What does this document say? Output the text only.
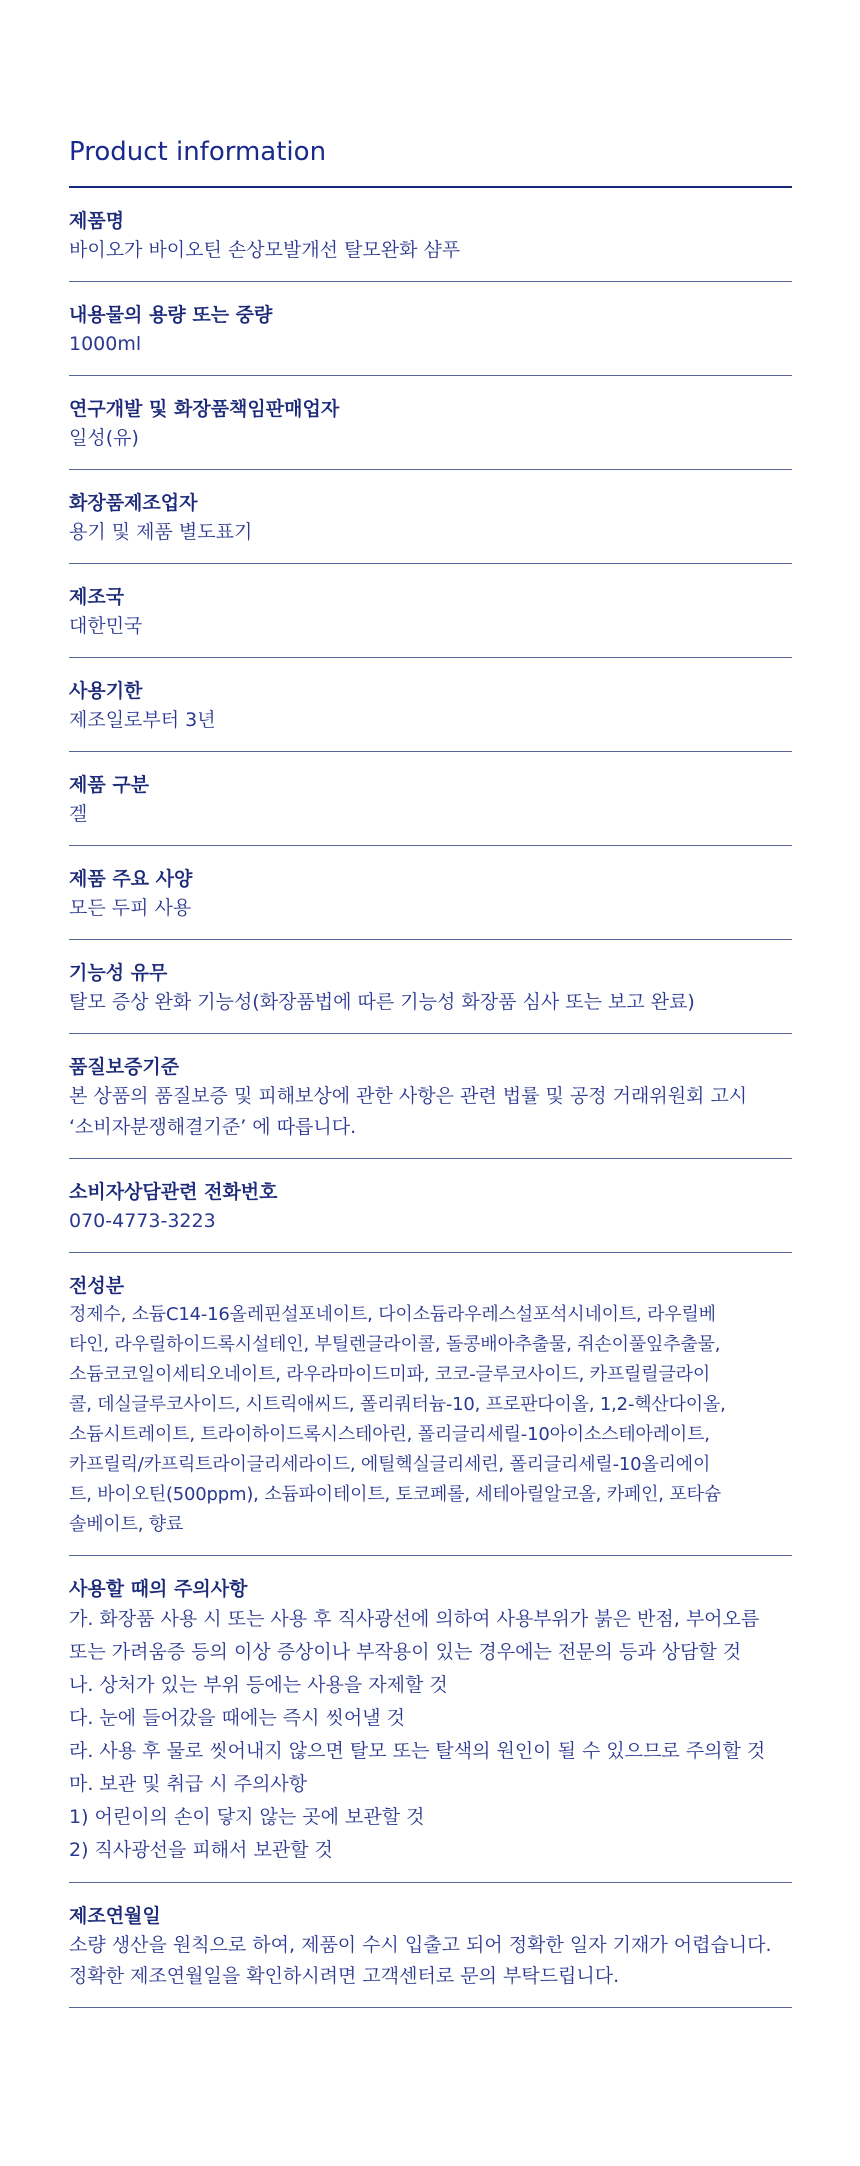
Product information
제품명
바이오가 바이오틴 손상모발개선 탈모완화 샴푸
내용물의 용량 또는 중량
1000ml
연구개발 및 화장품책임판매업자
일성(유)
화장품제조업자
용기 및 제품 별도표기
제조국
대한민국
사용기한
제조일로부터 3년
제품 구분
겔
제품 주요 사양
모든 두피 사용
기능성 유무
탈모 증상 완화 기능성(화장품법에 따른 기능성 화장품 심사 또는 보고 완료)
품질보증기준
본 상품의 품질보증 및 피해보상에 관한 사항은 관련 법률 및 공정 거래위원회 고시
‘소비자분쟁해결기준’ 에 따릅니다.
소비자상담관련 전화번호
070-4773-3223
전성분
정제수, 소듐C14-16올레핀설포네이트, 다이소듐라우레스설포석시네이트, 라우릴베
타인, 라우릴하이드록시설테인, 부틸렌글라이콜, 돌콩배아추출물, 쥐손이풀잎추출물,
소듐코코일이세티오네이트, 라우라마이드미파, 코코-글루코사이드, 카프릴릴글라이
콜, 데실글루코사이드, 시트릭애씨드, 폴리쿼터늄-10, 프로판다이올, 1,2-헥산다이올,
소듐시트레이트, 트라이하이드록시스테아린, 폴리글리세릴-10아이소스테아레이트,
카프릴릭/카프릭트라이글리세라이드, 에틸헥실글리세린, 폴리글리세릴-10올리에이
트, 바이오틴(500ppm), 소듐파이테이트, 토코페롤, 세테아릴알코올, 카페인, 포타슘
솔베이트, 향료
사용할 때의 주의사항
가. 화장품 사용 시 또는 사용 후 직사광선에 의하여 사용부위가 붉은 반점, 부어오름
또는 가려움증 등의 이상 증상이나 부작용이 있는 경우에는 전문의 등과 상담할 것
나. 상처가 있는 부위 등에는 사용을 자제할 것
다. 눈에 들어갔을 때에는 즉시 씻어낼 것
라. 사용 후 물로 씻어내지 않으면 탈모 또는 탈색의 원인이 될 수 있으므로 주의할 것
마. 보관 및 취급 시 주의사항
1) 어린이의 손이 닿지 않는 곳에 보관할 것
2) 직사광선을 피해서 보관할 것
제조연월일
소량 생산을 원칙으로 하여, 제품이 수시 입출고 되어 정확한 일자 기재가 어렵습니다.
정확한 제조연월일을 확인하시려면 고객센터로 문의 부탁드립니다.
